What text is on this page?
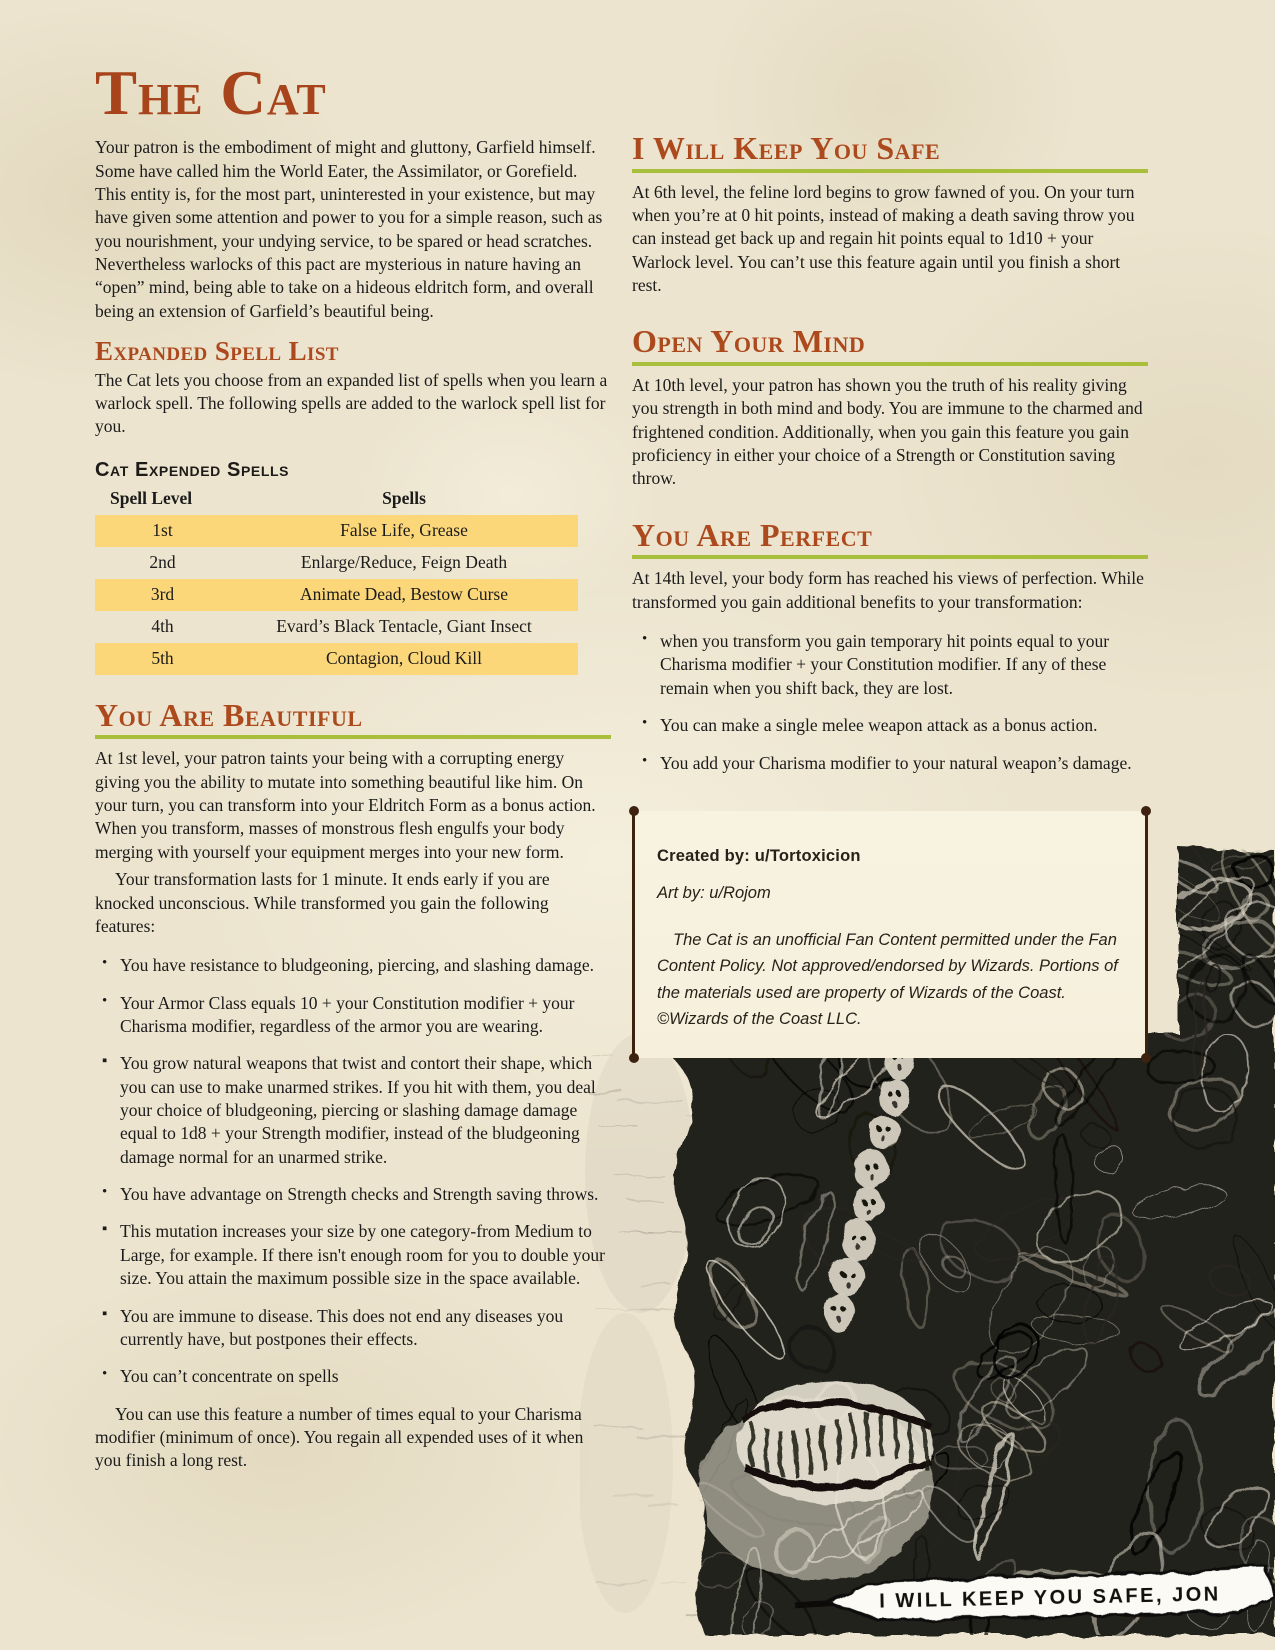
I WILL KEEP YOU SAFE, JON
The Cat

Your patron is the embodiment of might and gluttony, Garfield himself. Some have called him the World Eater, the Assimilator, or Gorefield. This entity is, for the most part, uninterested in your existence, but may have given some attention and power to you for a simple reason, such as you nourishment, your undying service, to be spared or head scratches. Nevertheless warlocks of this pact are mysterious in nature having an “open” mind, being able to take on a hideous eldritch form, and overall being an extension of Garfield’s beautiful being.

Expanded Spell List

The Cat lets you choose from an expanded list of spells when you learn a warlock spell. The following spells are added to the warlock spell list for you.

Cat Expended Spells
Spell Level	Spells
1st	False Life, Grease
2nd	Enlarge/Reduce, Feign Death
3rd	Animate Dead, Bestow Curse
4th	Evard’s Black Tentacle, Giant Insect
5th	Contagion, Cloud Kill
You Are Beautiful

At 1st level, your patron taints your being with a corrupting energy giving you the ability to mutate into something beautiful like him. On your turn, you can transform into your Eldritch Form as a bonus action. When you transform, masses of monstrous flesh engulfs your body merging with yourself your equipment merges into your new form.

Your transformation lasts for 1 minute. It ends early if you are knocked unconscious. While transformed you gain the following features:

• You have resistance to bludgeoning, piercing, and slashing damage.
• Your Armor Class equals 10 + your Constitution modifier + your Charisma modifier, regardless of the armor you are wearing.
▪ You grow natural weapons that twist and contort their shape, which you can use to make unarmed strikes. If you hit with them, you deal your choice of bludgeoning, piercing or slashing damage damage equal to 1d8 + your Strength modifier, instead of the bludgeoning damage normal for an unarmed strike.
• You have advantage on Strength checks and Strength saving throws.
▪ This mutation increases your size by one category-from Medium to Large, for example. If there isn't enough room for you to double your size. You attain the maximum possible size in the space available.
▪ You are immune to disease. This does not end any diseases you currently have, but postpones their effects.
• You can’t concentrate on spells

You can use this feature a number of times equal to your Charisma modifier (minimum of once). You regain all expended uses of it when you finish a long rest.

I Will Keep You Safe

At 6th level, the feline lord begins to grow fawned of you. On your turn when you’re at 0 hit points, instead of making a death saving throw you can instead get back up and regain hit points equal to 1d10 + your Warlock level. You can’t use this feature again until you finish a short rest.

Open Your Mind

At 10th level, your patron has shown you the truth of his reality giving you strength in both mind and body. You are immune to the charmed and frightened condition. Additionally, when you gain this feature you gain proficiency in either your choice of a Strength or Constitution saving throw.

You Are Perfect

At 14th level, your body form has reached his views of perfection. While transformed you gain additional benefits to your transformation:

• when you transform you gain temporary hit points equal to your Charisma modifier + your Constitution modifier. If any of these remain when you shift back, they are lost.
• You can make a single melee weapon attack as a bonus action.
• You add your Charisma modifier to your natural weapon’s damage.

Created by: u/Tortoxicion

Art by: u/Rojom

The Cat is an unofficial Fan Content permitted under the Fan Content Policy. Not approved/endorsed by Wizards. Portions of the materials used are property of Wizards of the Coast. ©Wizards of the Coast LLC.
